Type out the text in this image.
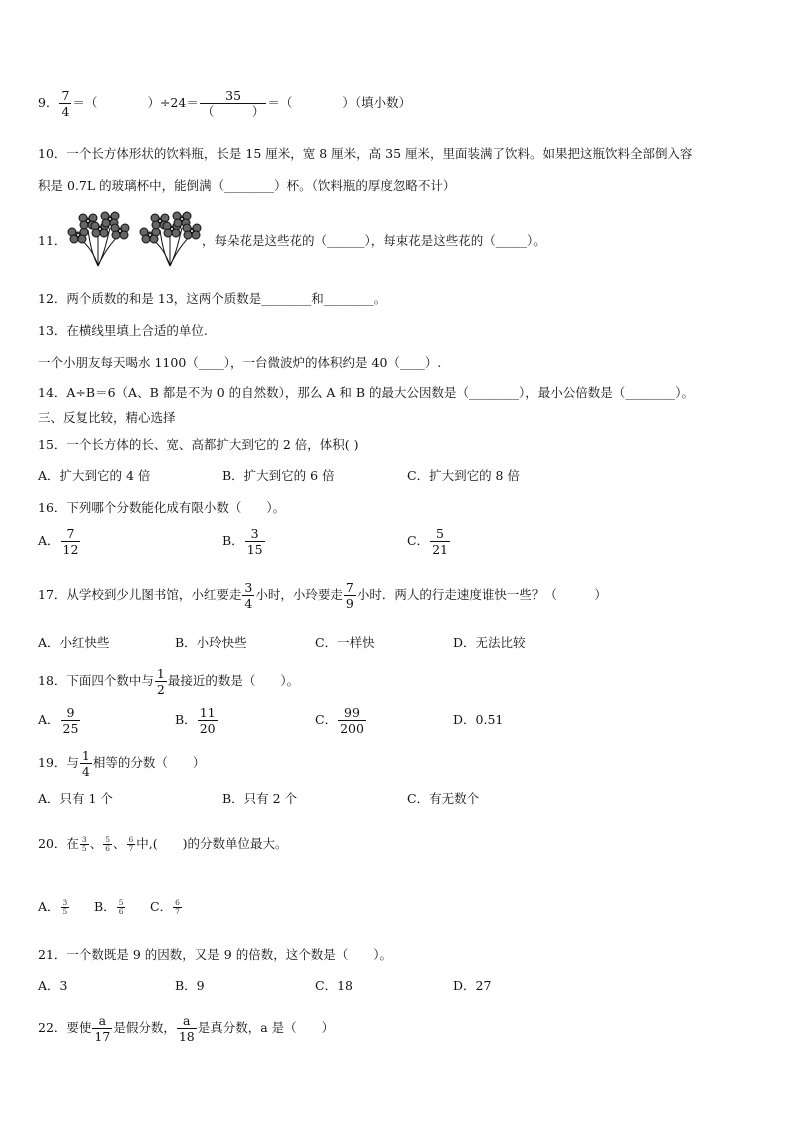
9． $\frac{7}{4}$ ＝（　　　　	）÷24＝ 35
（　　　）
＝（　　　　	）（填小数）
10．一个长方体形状的饮料瓶，长是 15 厘米，宽 8 厘米，高 35 厘米，里面装满了饮料。如果把这瓶饮料全部倒入容
积是 0.7L 的玻璃杯中，能倒满（________）杯。（饮料瓶的厚度忽略不计）
11．	，每朵花是这些花的（______），每束花是这些花的（_____）。
12．两个质数的和是 13，这两个质数是________和________。
13．在横线里填上合适的单位.
一个小朋友每天喝水 1100（____），一台微波炉的体积约是 40（____）.
14．A÷B＝6（A、B 都是不为 0 的自然数），那么 A 和 B 的最大公因数是（________），最小公倍数是（________）。
三、反复比较，精心选择
15．一个长方体的长、宽、高都扩大到它的 2 倍，体积( )
A．扩大到它的 4 倍	B．扩大到它的 6 倍	C．扩大到它的 8 倍
16．下列哪个分数能化成有限小数（　　）。
A． $\frac{7}{12}$	B． $\frac{3}{15}$	C． $\frac{5}{21}$
17．从学校到少儿图书馆，小红要走 $\frac{3}{4}$ 小时，小玲要走 $\frac{7}{9}$ 小时．两人的行走速度谁快一些？（　　　）
A．小红快些	B．小玲快些	C．一样快	D．无法比较
18．下面四个数中与 $\frac{1}{2}$ 最接近的数是（　　）。
A． $\frac{9}{25}$	B． $\frac{11}{20}$	C． $\frac{99}{200}$	D．0.51
19．与 $\frac{1}{4}$ 相等的分数（　　）
A．只有 1 个	B．只有 2 个	C．有无数个
20．在 $\frac{3}{5}$ 、 $\frac{5}{6}$ 、 $\frac{6}{7}$ 中,(　　)的分数单位最大。
A． $\frac{3}{5}$ B． $\frac{5}{6}$ C． $\frac{6}{7}$
21．一个数既是 9 的因数，又是 9 的倍数，这个数是（　　）。
A．3	B．9	C．18	D．27
22．要使 $\frac{a}{17}$ 是假分数， $\frac{a}{18}$ 是真分数，a 是（　　）
